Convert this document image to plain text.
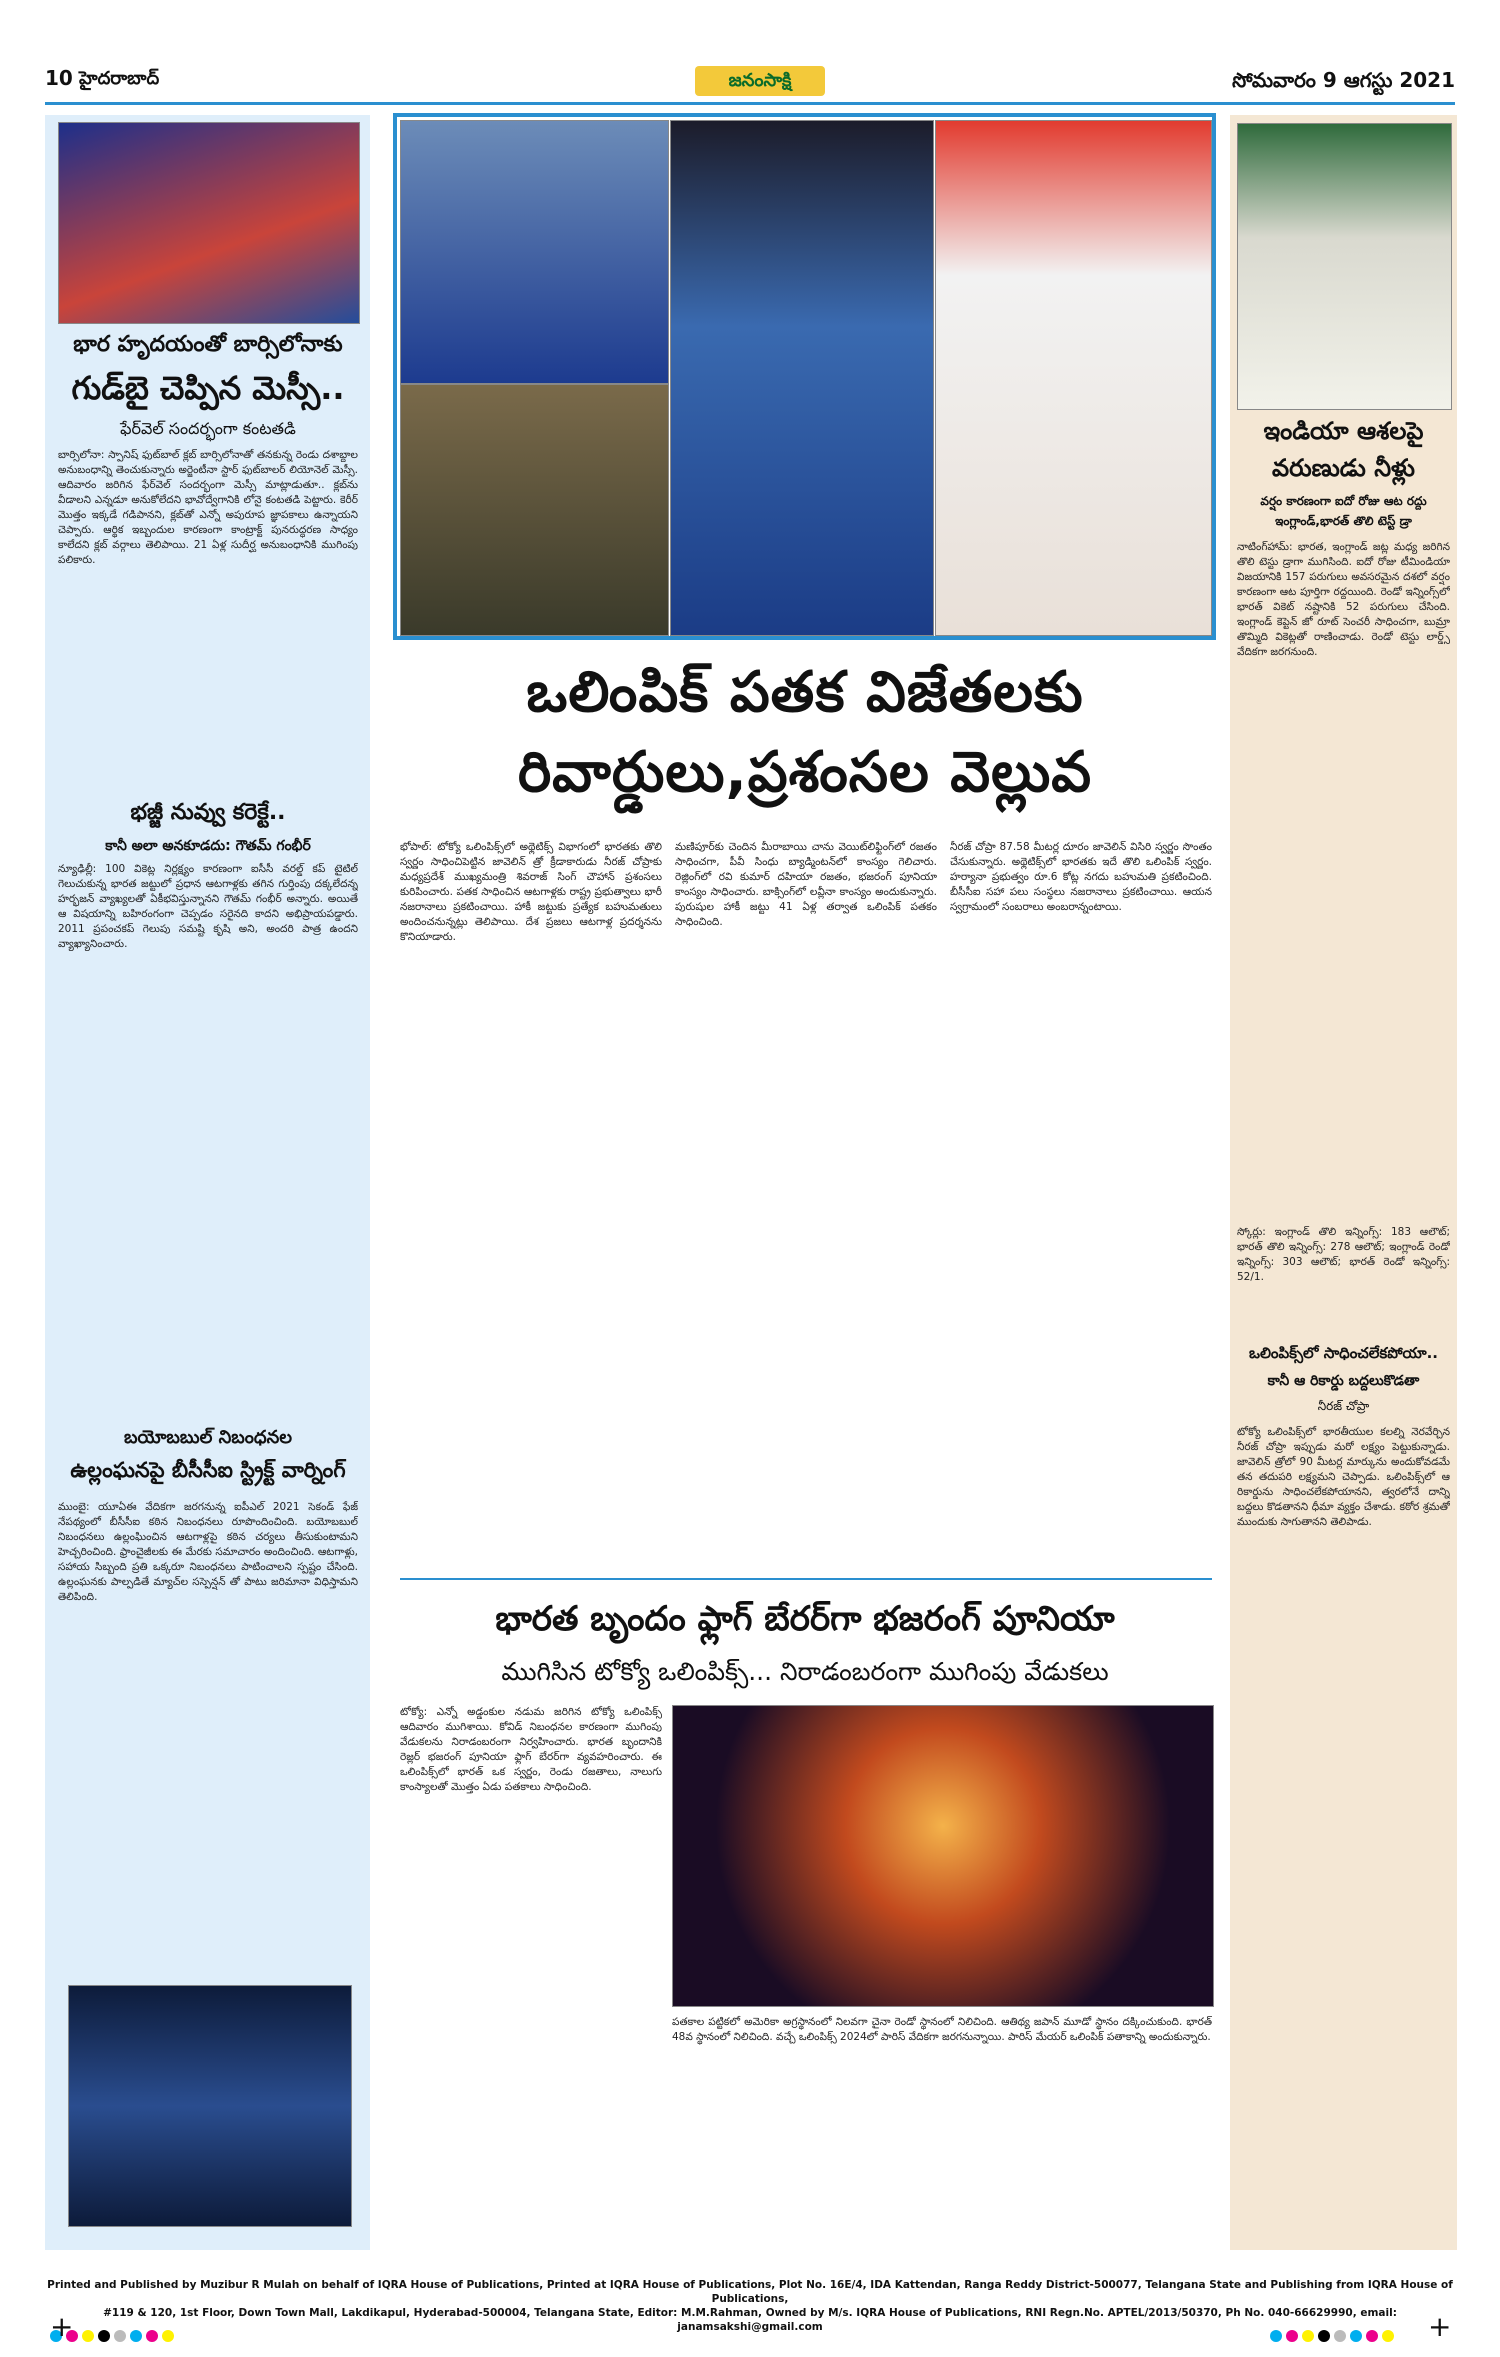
10 హైదరాబాద్	జనంసాక్షి	సోమవారం 9 ఆగస్టు 2021
భార హృదయంతో బార్సిలోనాకు
గుడ్‌బై చెప్పిన మెస్సీ..
ఫేర్‌వెల్ సందర్భంగా కంటతడి
బార్సిలోనా: స్పానిష్ ఫుట్‌బాల్ క్లబ్ బార్సిలోనాతో తనకున్న రెండు దశాబ్దాల అనుబంధాన్ని తెంచుకున్నారు అర్జెంటీనా స్టార్ ఫుట్‌బాలర్ లియోనెల్ మెస్సీ. ఆదివారం జరిగిన ఫేర్‌వెల్ సందర్భంగా మెస్సీ మాట్లాడుతూ.. క్లబ్‌ను వీడాలని ఎన్నడూ అనుకోలేదని భావోద్వేగానికి లోనై కంటతడి పెట్టారు. కెరీర్ మొత్తం ఇక్కడే గడిపానని, క్లబ్‌తో ఎన్నో అపురూప జ్ఞాపకాలు ఉన్నాయని చెప్పారు. ఆర్థిక ఇబ్బందుల కారణంగా కాంట్రాక్ట్ పునరుద్ధరణ సాధ్యం కాలేదని క్లబ్ వర్గాలు తెలిపాయి. 21 ఏళ్ల సుదీర్ఘ అనుబంధానికి ముగింపు పలికారు.
భజ్జీ నువ్వు కరెక్టే..
కానీ అలా అనకూడదు: గౌతమ్ గంభీర్
న్యూఢిల్లీ: 100 వికెట్ల నిర్లక్ష్యం కారణంగా ఐసీసీ వరల్డ్ కప్ టైటిల్ గెలుచుకున్న భారత జట్టులో ప్రధాన ఆటగాళ్లకు తగిన గుర్తింపు దక్కలేదన్న హర్భజన్ వ్యాఖ్యలతో ఏకీభవిస్తున్నానని గౌతమ్ గంభీర్ అన్నారు. అయితే ఆ విషయాన్ని బహిరంగంగా చెప్పడం సరైనది కాదని అభిప్రాయపడ్డారు. 2011 ప్రపంచకప్ గెలుపు సమష్టి కృషి అని, అందరి పాత్ర ఉందని వ్యాఖ్యానించారు.
బయోబబుల్ నిబంధనల
ఉల్లంఘనపై బీసీసీఐ స్ట్రిక్ట్ వార్నింగ్
ముంబై: యూఏఈ వేదికగా జరగనున్న ఐపీఎల్ 2021 సెకండ్ ఫేజ్ నేపథ్యంలో బీసీసీఐ కఠిన నిబంధనలు రూపొందించింది. బయోబబుల్ నిబంధనలు ఉల్లంఘించిన ఆటగాళ్లపై కఠిన చర్యలు తీసుకుంటామని హెచ్చరించింది. ఫ్రాంచైజీలకు ఈ మేరకు సమాచారం అందించింది. ఆటగాళ్లు, సహాయ సిబ్బంది ప్రతి ఒక్కరూ నిబంధనలు పాటించాలని స్పష్టం చేసింది. ఉల్లంఘనకు పాల్పడితే మ్యాచ్‌ల సస్పెన్షన్ తో పాటు జరిమానా విధిస్తామని తెలిపింది.
ఒలింపిక్ పతక విజేతలకు
రివార్డులు,ప్రశంసల వెల్లువ
భోపాల్: టోక్యో ఒలింపిక్స్‌లో అథ్లెటిక్స్ విభాగంలో భారతకు తొలి స్వర్ణం సాధించిపెట్టిన జావెలిన్ త్రో క్రీడాకారుడు నీరజ్ చోప్రాకు మధ్యప్రదేశ్ ముఖ్యమంత్రి శివరాజ్ సింగ్ చౌహాన్ ప్రశంసలు కురిపించారు. పతక సాధించిన ఆటగాళ్లకు రాష్ట్ర ప్రభుత్వాలు భారీ నజరానాలు ప్రకటించాయి. హాకీ జట్టుకు ప్రత్యేక బహుమతులు అందించనున్నట్లు తెలిపాయి. దేశ ప్రజలు ఆటగాళ్ల ప్రదర్శనను కొనియాడారు.
మణిపూర్‌కు చెందిన మీరాబాయి చాను వెయిట్‌లిఫ్టింగ్‌లో రజతం సాధించగా, పీవీ సింధు బ్యాడ్మింటన్‌లో కాంస్యం గెలిచారు. రెజ్లింగ్‌లో రవి కుమార్ దహియా రజతం, భజరంగ్ పూనియా కాంస్యం సాధించారు. బాక్సింగ్‌లో లవ్లీనా కాంస్యం అందుకున్నారు. పురుషుల హాకీ జట్టు 41 ఏళ్ల తర్వాత ఒలింపిక్ పతకం సాధించింది.
నీరజ్ చోప్రా 87.58 మీటర్ల దూరం జావెలిన్ విసిరి స్వర్ణం సొంతం చేసుకున్నారు. అథ్లెటిక్స్‌లో భారతకు ఇదే తొలి ఒలింపిక్ స్వర్ణం. హర్యానా ప్రభుత్వం రూ.6 కోట్ల నగదు బహుమతి ప్రకటించింది. బీసీసీఐ సహా పలు సంస్థలు నజరానాలు ప్రకటించాయి. ఆయన స్వగ్రామంలో సంబరాలు అంబరాన్నంటాయి.
భారత బృందం ఫ్లాగ్ బేరర్‌గా భజరంగ్ పూనియా
ముగిసిన టోక్యో ఒలింపిక్స్... నిరాడంబరంగా ముగింపు వేడుకలు
టోక్యో: ఎన్నో అడ్డంకుల నడుమ జరిగిన టోక్యో ఒలింపిక్స్ ఆదివారం ముగిశాయి. కోవిడ్ నిబంధనల కారణంగా ముగింపు వేడుకలను నిరాడంబరంగా నిర్వహించారు. భారత బృందానికి రెజ్లర్ భజరంగ్ పూనియా ఫ్లాగ్ బేరర్‌గా వ్యవహరించారు. ఈ ఒలింపిక్స్‌లో భారత్ ఒక స్వర్ణం, రెండు రజతాలు, నాలుగు కాంస్యాలతో మొత్తం ఏడు పతకాలు సాధించింది.
పతకాల పట్టికలో అమెరికా అగ్రస్థానంలో నిలవగా చైనా రెండో స్థానంలో నిలిచింది. ఆతిథ్య జపాన్ మూడో స్థానం దక్కించుకుంది. భారత్ 48వ స్థానంలో నిలిచింది. వచ్చే ఒలింపిక్స్ 2024లో పారిస్ వేదికగా జరగనున్నాయి. పారిస్ మేయర్ ఒలింపిక్ పతాకాన్ని అందుకున్నారు.
ఇండియా ఆశలపై
వరుణుడు నీళ్లు
వర్షం కారణంగా ఐదో రోజు ఆట రద్దు
ఇంగ్లాండ్,భారత్ తొలి టెస్ట్ డ్రా
నాటింగ్‌హామ్: భారత, ఇంగ్లాండ్ జట్ల మధ్య జరిగిన తొలి టెస్టు డ్రాగా ముగిసింది. ఐదో రోజు టీమిండియా విజయానికి 157 పరుగులు అవసరమైన దశలో వర్షం కారణంగా ఆట పూర్తిగా రద్దయింది. రెండో ఇన్నింగ్స్‌లో భారత్ వికెట్ నష్టానికి 52 పరుగులు చేసింది. ఇంగ్లాండ్ కెప్టెన్ జో రూట్ సెంచరీ సాధించగా, బుమ్రా తొమ్మిది వికెట్లతో రాణించాడు. రెండో టెస్టు లార్డ్స్ వేదికగా జరగనుంది.
స్కోర్లు: ఇంగ్లాండ్ తొలి ఇన్నింగ్స్: 183 ఆలౌట్; భారత్ తొలి ఇన్నింగ్స్: 278 ఆలౌట్; ఇంగ్లాండ్ రెండో ఇన్నింగ్స్: 303 ఆలౌట్; భారత్ రెండో ఇన్నింగ్స్: 52/1.
ఒలింపిక్స్‌లో సాధించలేకపోయా..
కానీ ఆ రికార్డు బద్దలుకొడతా
నీరజ్ చోప్రా
టోక్యో ఒలింపిక్స్‌లో భారతీయుల కలల్ని నెరవేర్చిన నీరజ్ చోప్రా ఇప్పుడు మరో లక్ష్యం పెట్టుకున్నాడు. జావెలిన్ త్రోలో 90 మీటర్ల మార్కును అందుకోవడమే తన తదుపరి లక్ష్యమని చెప్పాడు. ఒలింపిక్స్‌లో ఆ రికార్డును సాధించలేకపోయానని, త్వరలోనే దాన్ని బద్దలు కొడతానని ధీమా వ్యక్తం చేశాడు. కఠోర శ్రమతో ముందుకు సాగుతానని తెలిపాడు.
Printed and Published by Muzibur R Mulah on behalf of IQRA House of Publications, Printed at IQRA House of Publications, Plot No. 16E/4, IDA Kattendan, Ranga Reddy District-500077, Telangana State and Publishing from IQRA House of Publications,
#119 & 120, 1st Floor, Down Town Mall, Lakdikapul, Hyderabad-500004, Telangana State, Editor: M.M.Rahman, Owned by M/s. IQRA House of Publications, RNI Regn.No. APTEL/2013/50370, Ph No. 040-66629990, email: janamsakshi@gmail.com
+	+
